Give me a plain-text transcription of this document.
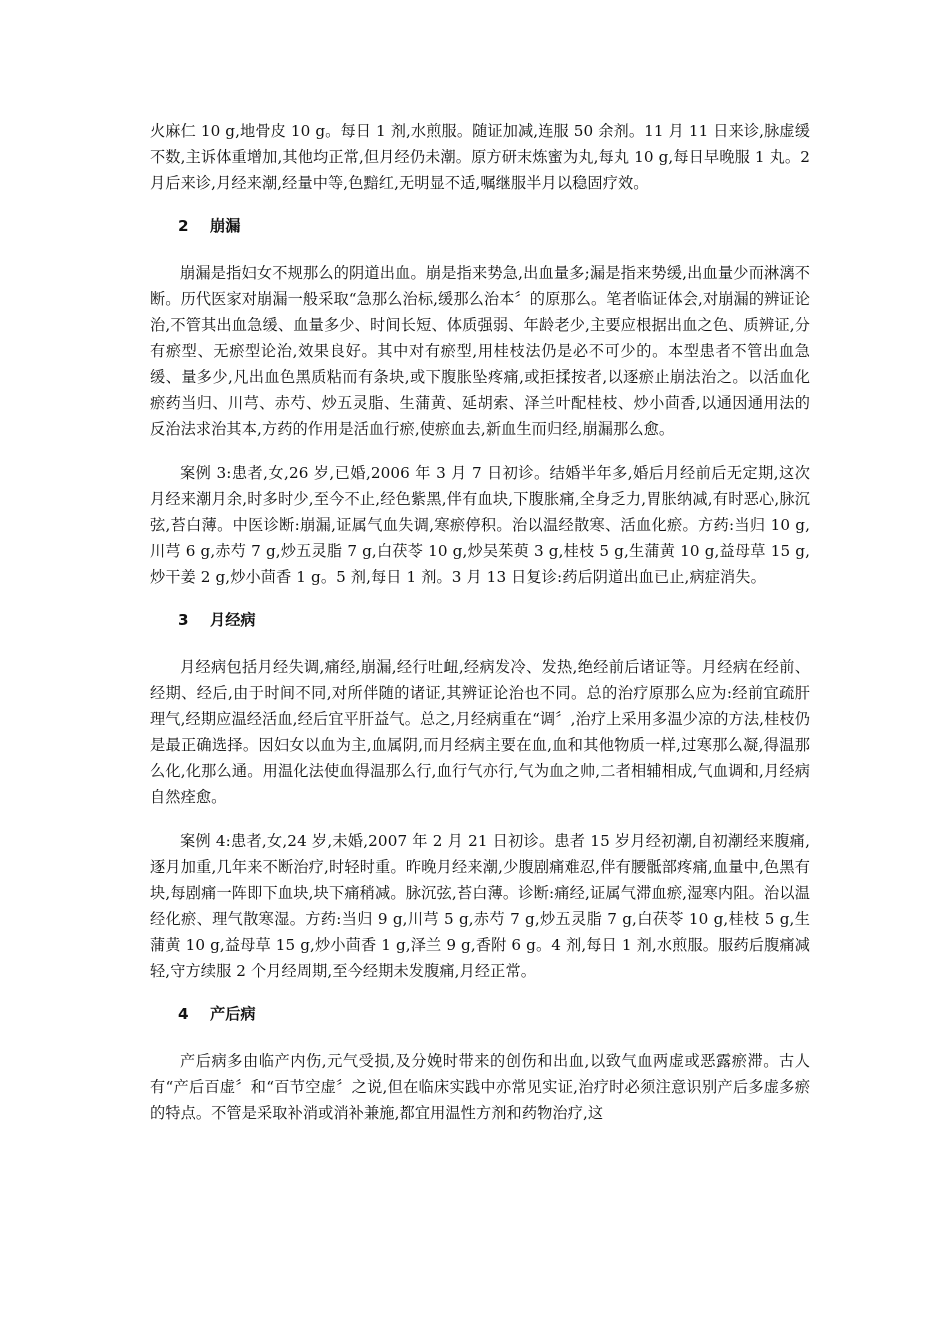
火麻仁 10 g,地骨皮 10 g。每日 1 剂,水煎服。随证加减,连服 50 余剂。11 月 11 日来诊,脉虚缓不数,主诉体重增加,其他均正常,但月经仍未潮。原方研末炼蜜为丸,每丸 10 g,每日早晚服 1 丸。2 月后来诊,月经来潮,经量中等,色黯红,无明显不适,嘱继服半月以稳固疗效。

2 崩漏

崩漏是指妇女不规那么的阴道出血。崩是指来势急,出血量多;漏是指来势缓,出血量少而淋漓不断。历代医家对崩漏一般采取“急那么治标,缓那么治本〞的原那么。笔者临证体会,对崩漏的辨证论治,不管其出血急缓、血量多少、时间长短、体质强弱、年龄老少,主要应根据出血之色、质辨证,分有瘀型、无瘀型论治,效果良好。其中对有瘀型,用桂枝法仍是必不可少的。本型患者不管出血急缓、量多少,凡出血色黑质粘而有条块,或下腹胀坠疼痛,或拒揉按者,以逐瘀止崩法治之。以活血化瘀药当归、川芎、赤芍、炒五灵脂、生蒲黄、延胡索、泽兰叶配桂枝、炒小茴香,以通因通用法的反治法求治其本,方药的作用是活血行瘀,使瘀血去,新血生而归经,崩漏那么愈。

案例 3:患者,女,26 岁,已婚,2006 年 3 月 7 日初诊。结婚半年多,婚后月经前后无定期,这次月经来潮月余,时多时少,至今不止,经色紫黑,伴有血块,下腹胀痛,全身乏力,胃胀纳减,有时恶心,脉沉弦,苔白薄。中医诊断:崩漏,证属气血失调,寒瘀停积。治以温经散寒、活血化瘀。方药:当归 10 g,川芎 6 g,赤芍 7 g,炒五灵脂 7 g,白茯苓 10 g,炒吴茱萸 3 g,桂枝 5 g,生蒲黄 10 g,益母草 15 g,炒干姜 2 g,炒小茴香 1 g。5 剂,每日 1 剂。3 月 13 日复诊:药后阴道出血已止,病症消失。

3 月经病

月经病包括月经失调,痛经,崩漏,经行吐衄,经病发冷、发热,绝经前后诸证等。月经病在经前、经期、经后,由于时间不同,对所伴随的诸证,其辨证论治也不同。总的治疗原那么应为:经前宜疏肝理气,经期应温经活血,经后宜平肝益气。总之,月经病重在“调〞,治疗上采用多温少凉的方法,桂枝仍是最正确选择。因妇女以血为主,血属阴,而月经病主要在血,血和其他物质一样,过寒那么凝,得温那么化,化那么通。用温化法使血得温那么行,血行气亦行,气为血之帅,二者相辅相成,气血调和,月经病自然痊愈。

案例 4:患者,女,24 岁,未婚,2007 年 2 月 21 日初诊。患者 15 岁月经初潮,自初潮经来腹痛,逐月加重,几年来不断治疗,时轻时重。昨晚月经来潮,少腹剧痛难忍,伴有腰骶部疼痛,血量中,色黑有块,每剧痛一阵即下血块,块下痛稍减。脉沉弦,苔白薄。诊断:痛经,证属气滞血瘀,湿寒内阻。治以温经化瘀、理气散寒湿。方药:当归 9 g,川芎 5 g,赤芍 7 g,炒五灵脂 7 g,白茯苓 10 g,桂枝 5 g,生蒲黄 10 g,益母草 15 g,炒小茴香 1 g,泽兰 9 g,香附 6 g。4 剂,每日 1 剂,水煎服。服药后腹痛减轻,守方续服 2 个月经周期,至今经期未发腹痛,月经正常。

4 产后病

产后病多由临产内伤,元气受损,及分娩时带来的创伤和出血,以致气血两虚或恶露瘀滞。古人有“产后百虚〞和“百节空虚〞之说,但在临床实践中亦常见实证,治疗时必须注意识别产后多虚多瘀的特点。不管是采取补消或消补兼施,都宜用温性方剂和药物治疗,这
